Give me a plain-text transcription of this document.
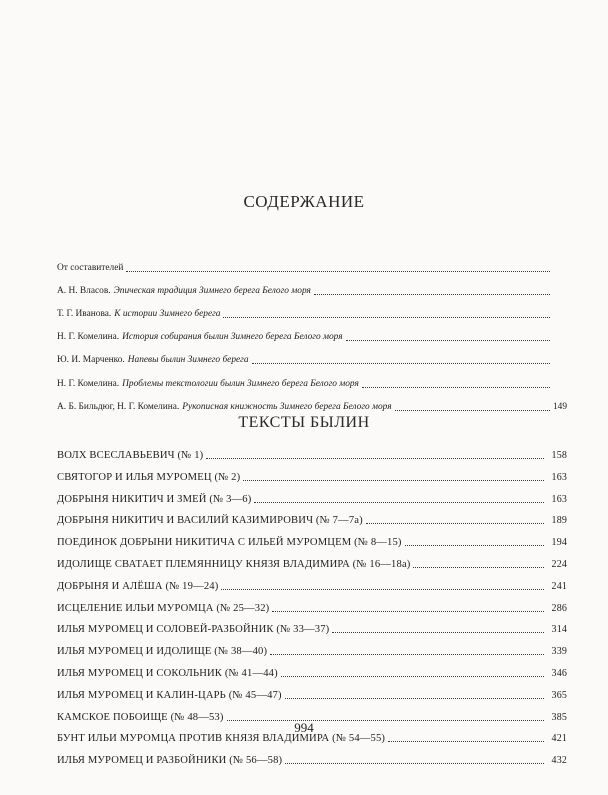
СОДЕРЖАНИЕ
От составителей
А. Н. Власов. Эпическая традиция Зимнего берега Белого моря
Т. Г. Иванова. К истории Зимнего берега
Н. Г. Комелина. История собирания былин Зимнего берега Белого моря
Ю. И. Марченко. Напевы былин Зимнего берега
Н. Г. Комелина. Проблемы текстологии былин Зимнего берега Белого моря
А. Б. Бильдюг, Н. Г. Комелина. Рукописная книжность Зимнего берега Белого моря	149
ТЕКСТЫ БЫЛИН
ВОЛХ ВСЕСЛАВЬЕВИЧ (№ 1)	158
СВЯТОГОР И ИЛЬЯ МУРОМЕЦ (№ 2)	163
ДОБРЫНЯ НИКИТИЧ И ЗМЕЙ (№ 3—6)	163
ДОБРЫНЯ НИКИТИЧ И ВАСИЛИЙ КАЗИМИРОВИЧ (№ 7—7а)	189
ПОЕДИНОК ДОБРЫНИ НИКИТИЧА С ИЛЬЕЙ МУРОМЦЕМ (№ 8—15)	194
ИДОЛИЩЕ СВАТАЕТ ПЛЕМЯННИЦУ КНЯЗЯ ВЛАДИМИРА (№ 16—18а)	224
ДОБРЫНЯ И АЛЁША (№ 19—24)	241
ИСЦЕЛЕНИЕ ИЛЬИ МУРОМЦА (№ 25—32)	286
ИЛЬЯ МУРОМЕЦ И СОЛОВЕЙ-РАЗБОЙНИК (№ 33—37)	314
ИЛЬЯ МУРОМЕЦ И ИДОЛИЩЕ (№ 38—40)	339
ИЛЬЯ МУРОМЕЦ И СОКОЛЬНИК (№ 41—44)	346
ИЛЬЯ МУРОМЕЦ И КАЛИН-ЦАРЬ (№ 45—47)	365
КАМСКОЕ ПОБОИЩЕ (№ 48—53)	385
БУНТ ИЛЬИ МУРОМЦА ПРОТИВ КНЯЗЯ ВЛАДИМИРА (№ 54—55)	421
ИЛЬЯ МУРОМЕЦ И РАЗБОЙНИКИ (№ 56—58)	432
994
